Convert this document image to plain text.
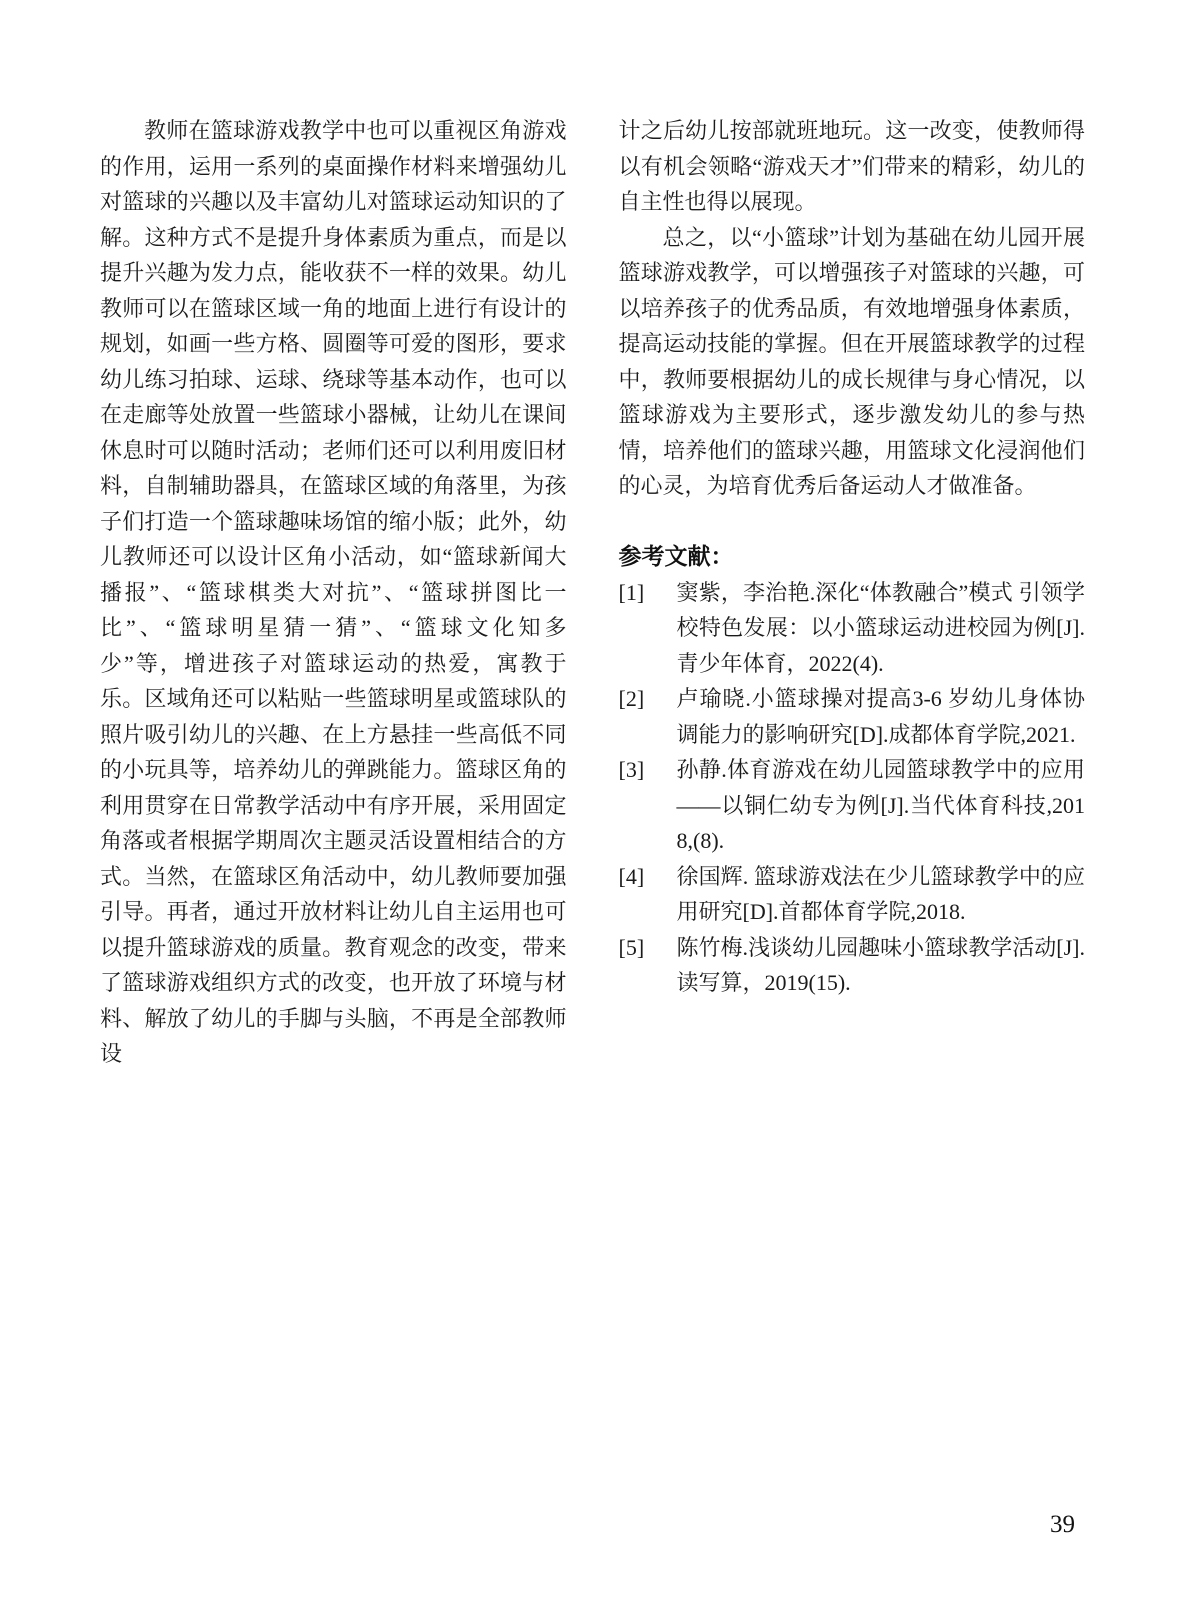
教师在篮球游戏教学中也可以重视区角游戏的作用，运用一系列的桌面操作材料来增强幼儿对篮球的兴趣以及丰富幼儿对篮球运动知识的了解。这种方式不是提升身体素质为重点，而是以提升兴趣为发力点，能收获不一样的效果。幼儿教师可以在篮球区域一角的地面上进行有设计的规划，如画一些方格、圆圈等可爱的图形，要求幼儿练习拍球、运球、绕球等基本动作，也可以在走廊等处放置一些篮球小器械，让幼儿在课间休息时可以随时活动；老师们还可以利用废旧材料，自制辅助器具，在篮球区域的角落里，为孩子们打造一个篮球趣味场馆的缩小版；此外，幼儿教师还可以设计区角小活动，如“篮球新闻大播报”、“篮球棋类大对抗”、“篮球拼图比一比”、“篮球明星猜一猜”、“篮球文化知多少”等，增进孩子对篮球运动的热爱，寓教于乐。区域角还可以粘贴一些篮球明星或篮球队的照片吸引幼儿的兴趣、在上方悬挂一些高低不同的小玩具等，培养幼儿的弹跳能力。篮球区角的利用贯穿在日常教学活动中有序开展，采用固定角落或者根据学期周次主题灵活设置相结合的方式。当然，在篮球区角活动中，幼儿教师要加强引导。再者，通过开放材料让幼儿自主运用也可以提升篮球游戏的质量。教育观念的改变，带来了篮球游戏组织方式的改变，也开放了环境与材料、解放了幼儿的手脚与头脑，不再是全部教师设

计之后幼儿按部就班地玩。这一改变，使教师得以有机会领略“游戏天才”们带来的精彩，幼儿的自主性也得以展现。

总之，以“小篮球”计划为基础在幼儿园开展篮球游戏教学，可以增强孩子对篮球的兴趣，可以培养孩子的优秀品质，有效地增强身体素质，提高运动技能的掌握。但在开展篮球教学的过程中，教师要根据幼儿的成长规律与身心情况，以篮球游戏为主要形式，逐步激发幼儿的参与热情，培养他们的篮球兴趣，用篮球文化浸润他们的心灵，为培育优秀后备运动人才做准备。

参考文献：
[1]	窦紫，李治艳.深化“体教融合”模式 引领学校特色发展：以小篮球运动进校园为例[J].青少年体育，2022(4).
[2]	卢瑜晓.小篮球操对提高3-6 岁幼儿身体协调能力的影响研究[D].成都体育学院,2021.
[3]	孙静.体育游戏在幼儿园篮球教学中的应用——以铜仁幼专为例[J].当代体育科技,2018,(8).
[4]	徐国辉. 篮球游戏法在少儿篮球教学中的应用研究[D].首都体育学院,2018.
[5]	陈竹梅.浅谈幼儿园趣味小篮球教学活动[J].读写算，2019(15).
39
